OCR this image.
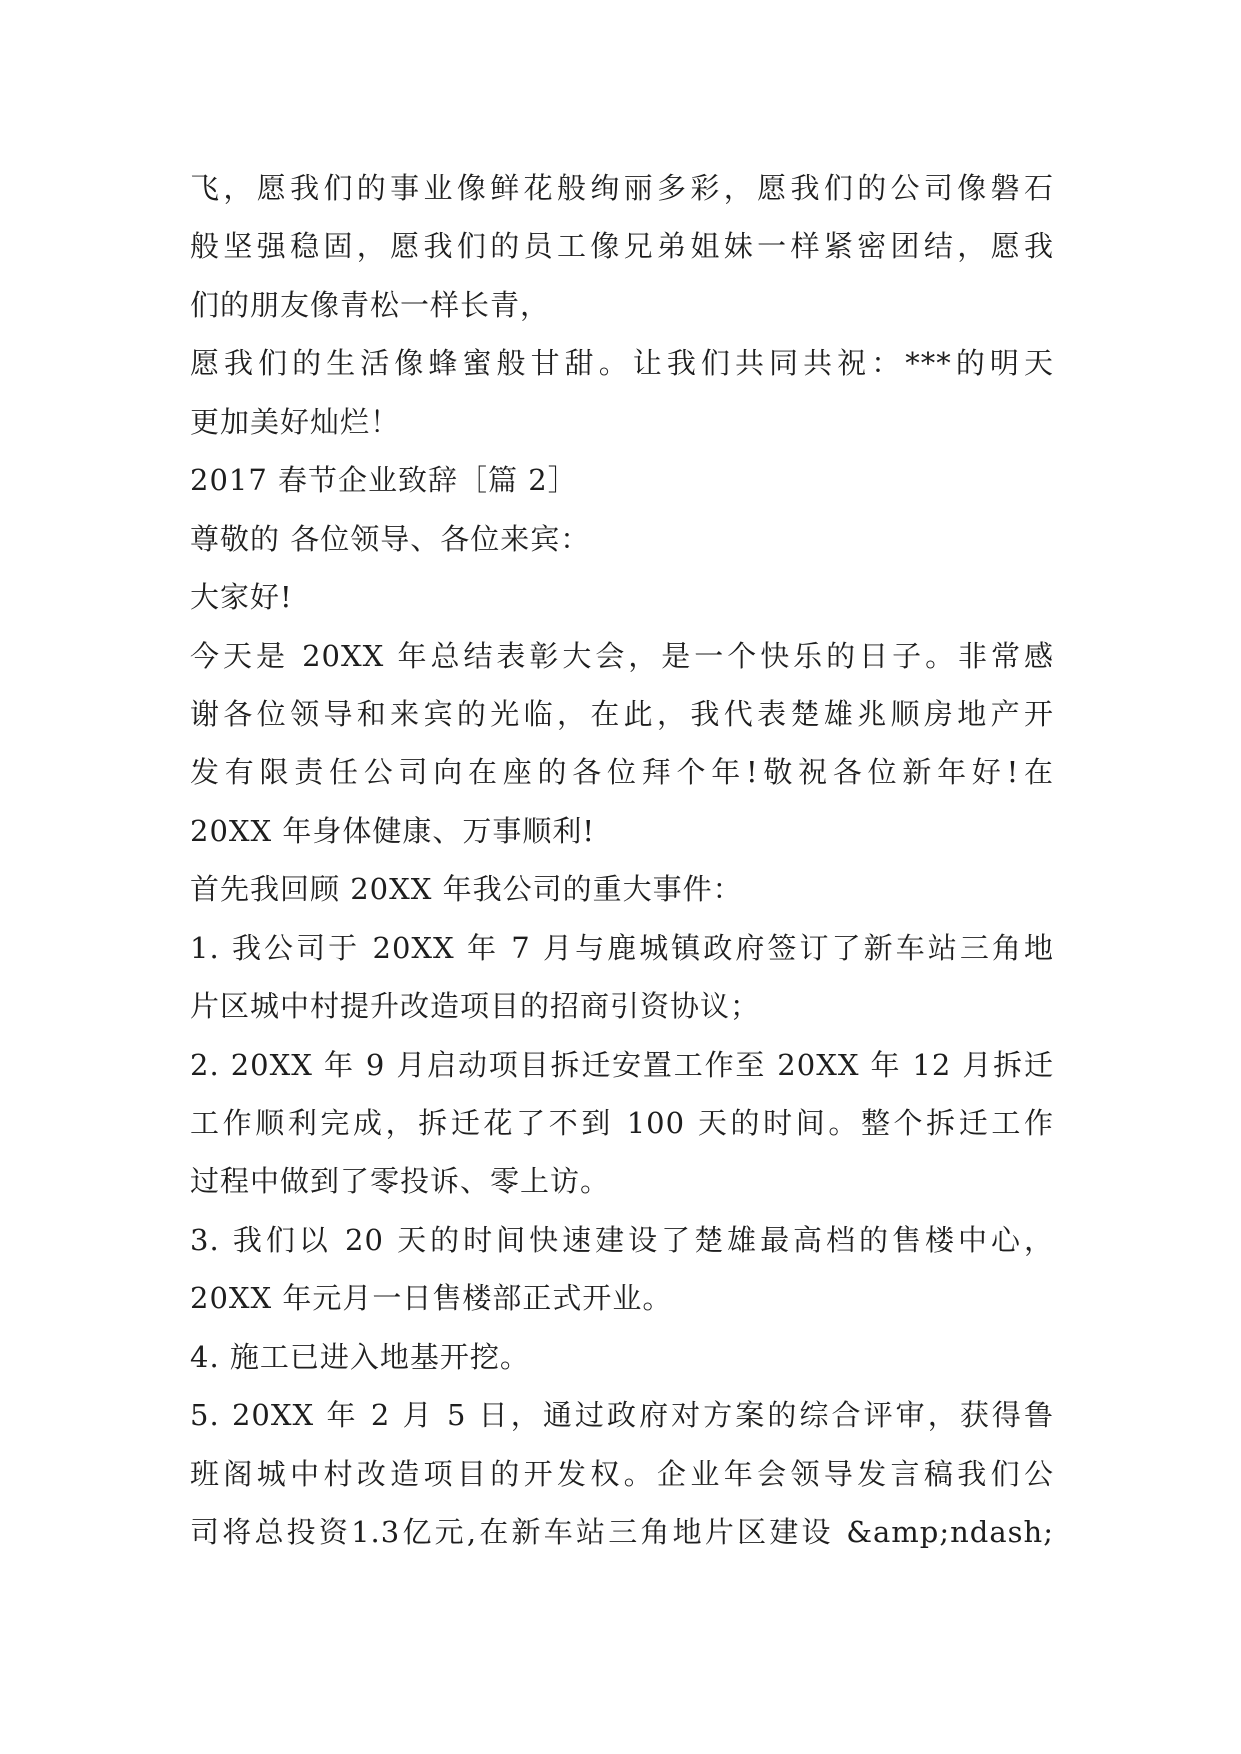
飞，愿我们的事业像鲜花般绚丽多彩，愿我们的公司像磐石
般坚强稳固，愿我们的员工像兄弟姐妹一样紧密团结，愿我
们的朋友像青松一样长青，
愿我们的生活像蜂蜜般甘甜。让我们共同共祝：***的明天
更加美好灿烂！
2017 春节企业致辞［篇 2］
尊敬的 各位领导、各位来宾：
大家好!
今天是 20XX 年总结表彰大会，是一个快乐的日子。非常感
谢各位领导和来宾的光临，在此，我代表楚雄兆顺房地产开
发有限责任公司向在座的各位拜个年!敬祝各位新年好!在
20XX 年身体健康、万事顺利!
首先我回顾 20XX 年我公司的重大事件：
1. 我公司于 20XX 年 7 月与鹿城镇政府签订了新车站三角地
片区城中村提升改造项目的招商引资协议；
2. 20XX 年 9 月启动项目拆迁安置工作至 20XX 年 12 月拆迁
工作顺利完成，拆迁花了不到 100 天的时间。整个拆迁工作
过程中做到了零投诉、零上访。
3. 我们以 20 天的时间快速建设了楚雄最高档的售楼中心，
20XX 年元月一日售楼部正式开业。
4. 施工已进入地基开挖。
5. 20XX 年 2 月 5 日，通过政府对方案的综合评审，获得鲁
班阁城中村改造项目的开发权。企业年会领导发言稿我们公
司将总投资1.3亿元,在新车站三角地片区建设 &amp;ndash;
